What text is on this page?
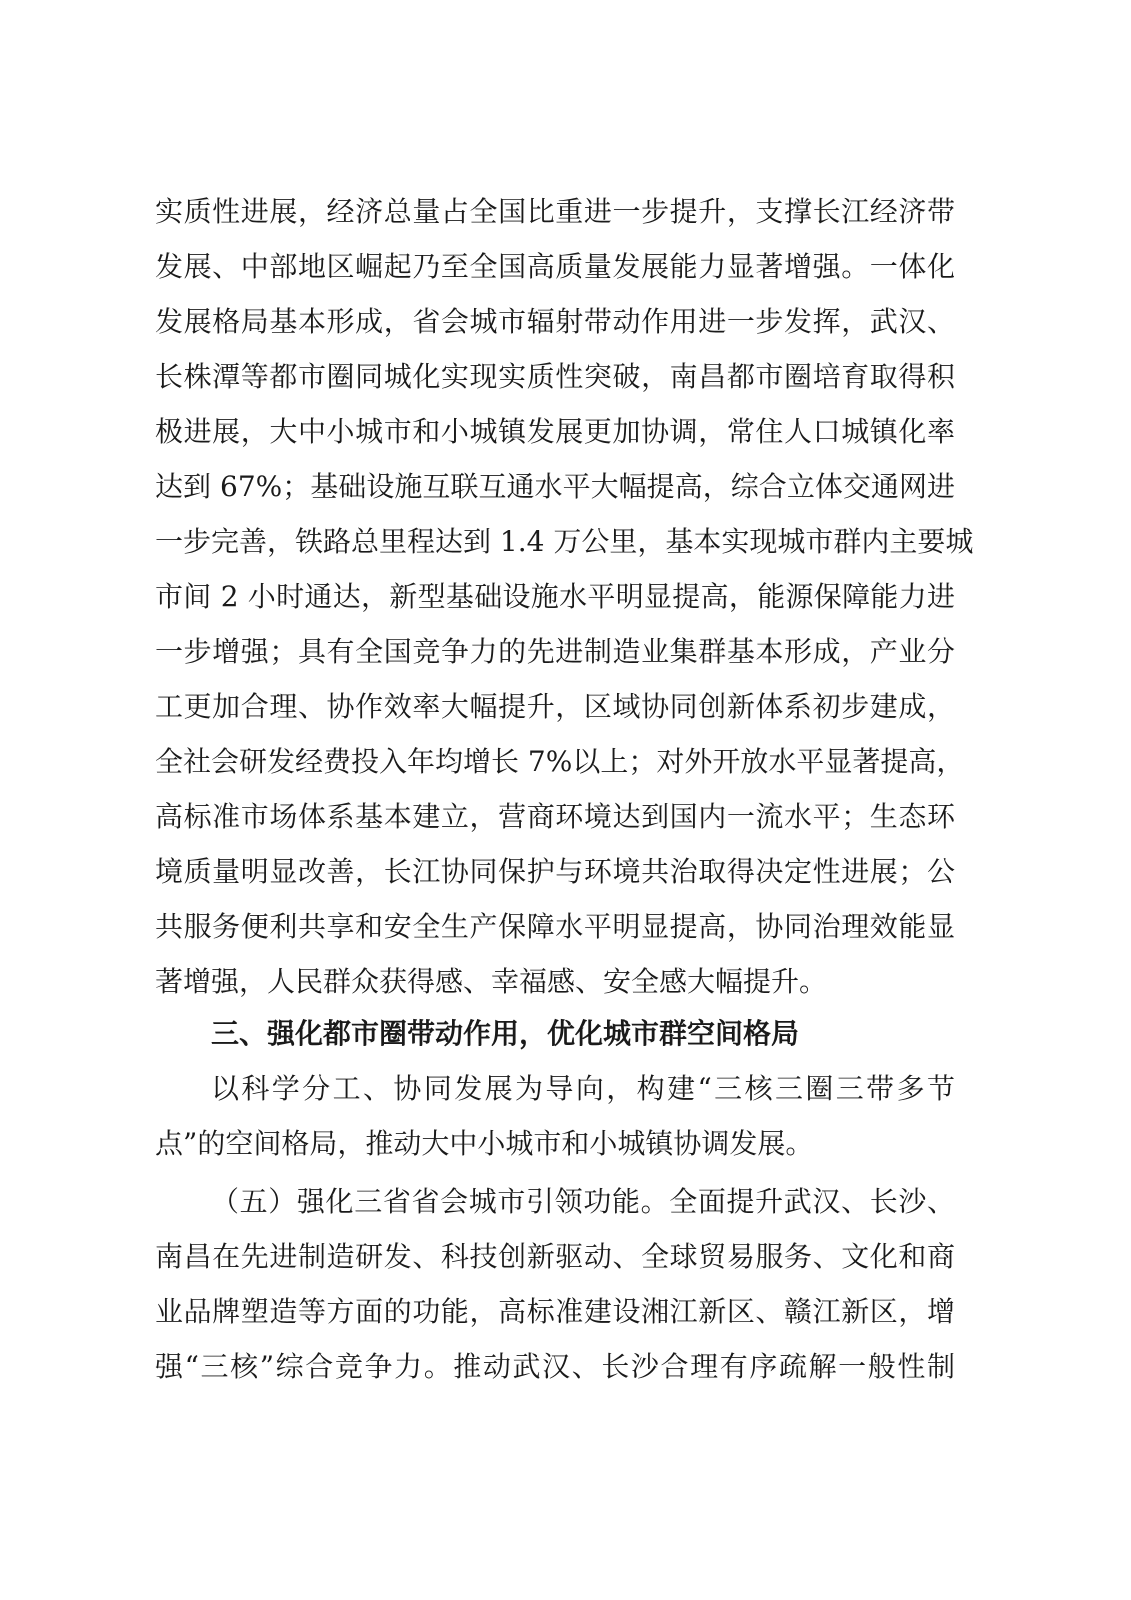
实质性进展，经济总量占全国比重进一步提升，支撑长江经济带
发展、中部地区崛起乃至全国高质量发展能力显著增强。一体化
发展格局基本形成，省会城市辐射带动作用进一步发挥，武汉、
长株潭等都市圈同城化实现实质性突破，南昌都市圈培育取得积
极进展，大中小城市和小城镇发展更加协调，常住人口城镇化率
达到 67%；基础设施互联互通水平大幅提高，综合立体交通网进
一步完善，铁路总里程达到 1.4 万公里，基本实现城市群内主要城
市间 2 小时通达，新型基础设施水平明显提高，能源保障能力进
一步增强；具有全国竞争力的先进制造业集群基本形成，产业分
工更加合理、协作效率大幅提升，区域协同创新体系初步建成，
全社会研发经费投入年均增长 7%以上；对外开放水平显著提高，
高标准市场体系基本建立，营商环境达到国内一流水平；生态环
境质量明显改善，长江协同保护与环境共治取得决定性进展；公
共服务便利共享和安全生产保障水平明显提高，协同治理效能显
著增强，人民群众获得感、幸福感、安全感大幅提升。
三、强化都市圈带动作用，优化城市群空间格局
以科学分工、协同发展为导向，构建“三核三圈三带多节
点”的空间格局，推动大中小城市和小城镇协调发展。
（五）强化三省省会城市引领功能。全面提升武汉、长沙、
南昌在先进制造研发、科技创新驱动、全球贸易服务、文化和商
业品牌塑造等方面的功能，高标准建设湘江新区、赣江新区，增
强“三核”综合竞争力。推动武汉、长沙合理有序疏解一般性制
